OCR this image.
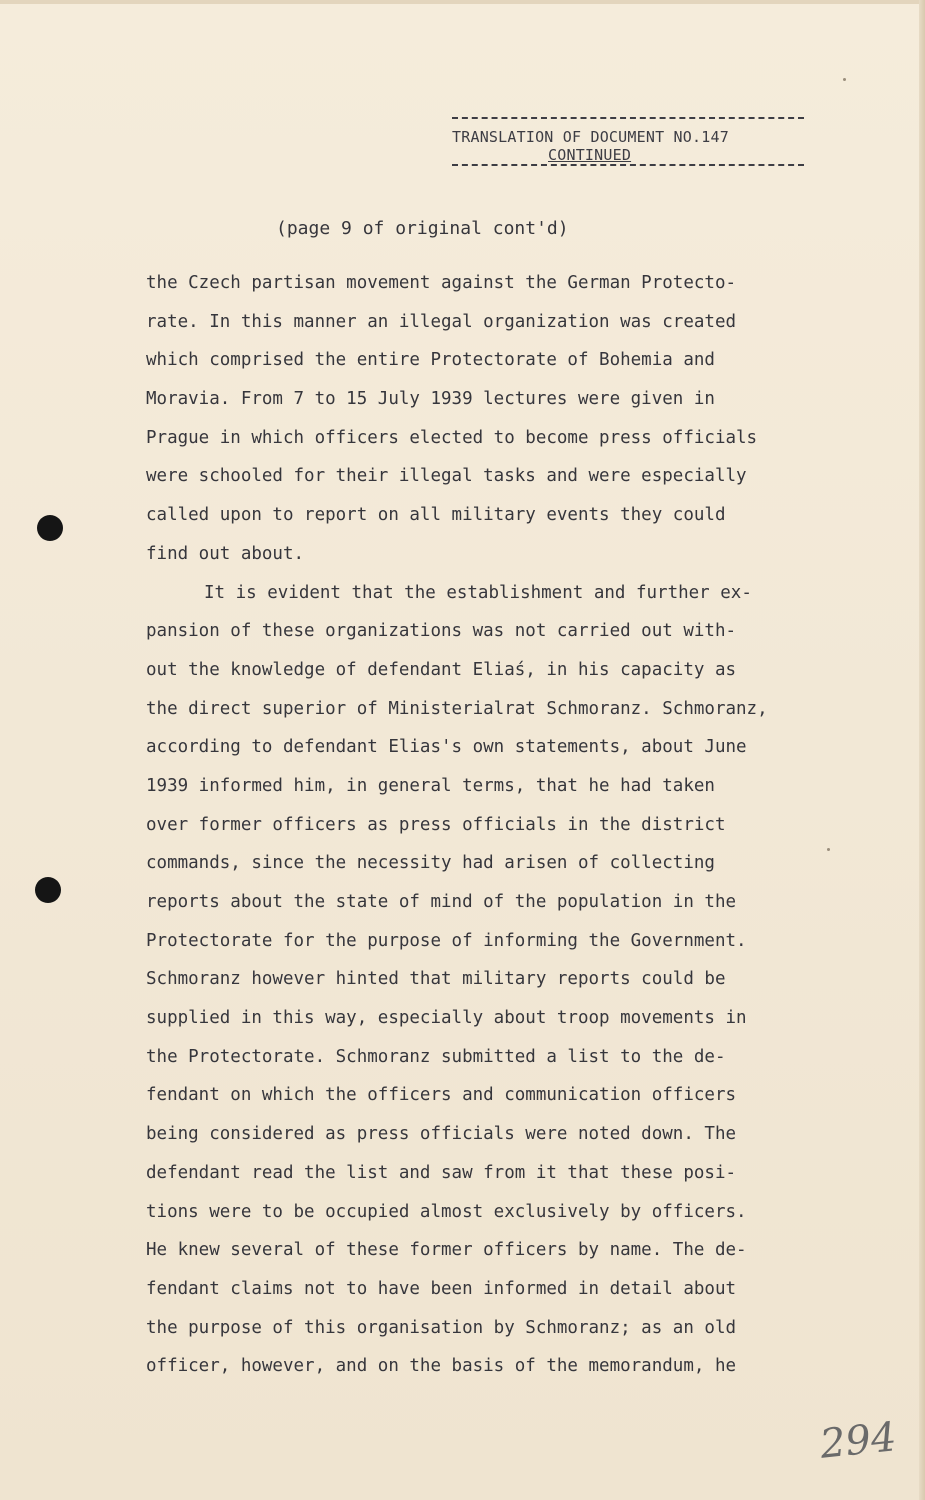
TRANSLATION OF DOCUMENT NO.147
CONTINUED
(page 9 of original cont'd)
the Czech partisan movement against the German Protecto-
rate. In this manner an illegal organization was created
which comprised the entire Protectorate of Bohemia and
Moravia. From 7 to 15 July 1939 lectures were given in
Prague in which officers elected to become press officials
were schooled for their illegal tasks and were especially
called upon to report on all military events they could
find out about.
It is evident that the establishment and further ex-
pansion of these organizations was not carried out with-
out the knowledge of defendant Eliaś, in his capacity as
the direct superior of Ministerialrat Schmoranz. Schmoranz,
according to defendant Elias's own statements, about June
1939 informed him, in general terms, that he had taken
over former officers as press officials in the district
commands, since the necessity had arisen of collecting
reports about the state of mind of the population in the
Protectorate for the purpose of informing the Government.
Schmoranz however hinted that military reports could be
supplied in this way, especially about troop movements in
the Protectorate. Schmoranz submitted a list to the de-
fendant on which the officers and communication officers
being considered as press officials were noted down. The
defendant read the list and saw from it that these posi-
tions were to be occupied almost exclusively by officers.
He knew several of these former officers by name. The de-
fendant claims not to have been informed in detail about
the purpose of this organisation by Schmoranz; as an old
officer, however, and on the basis of the memorandum, he
294
